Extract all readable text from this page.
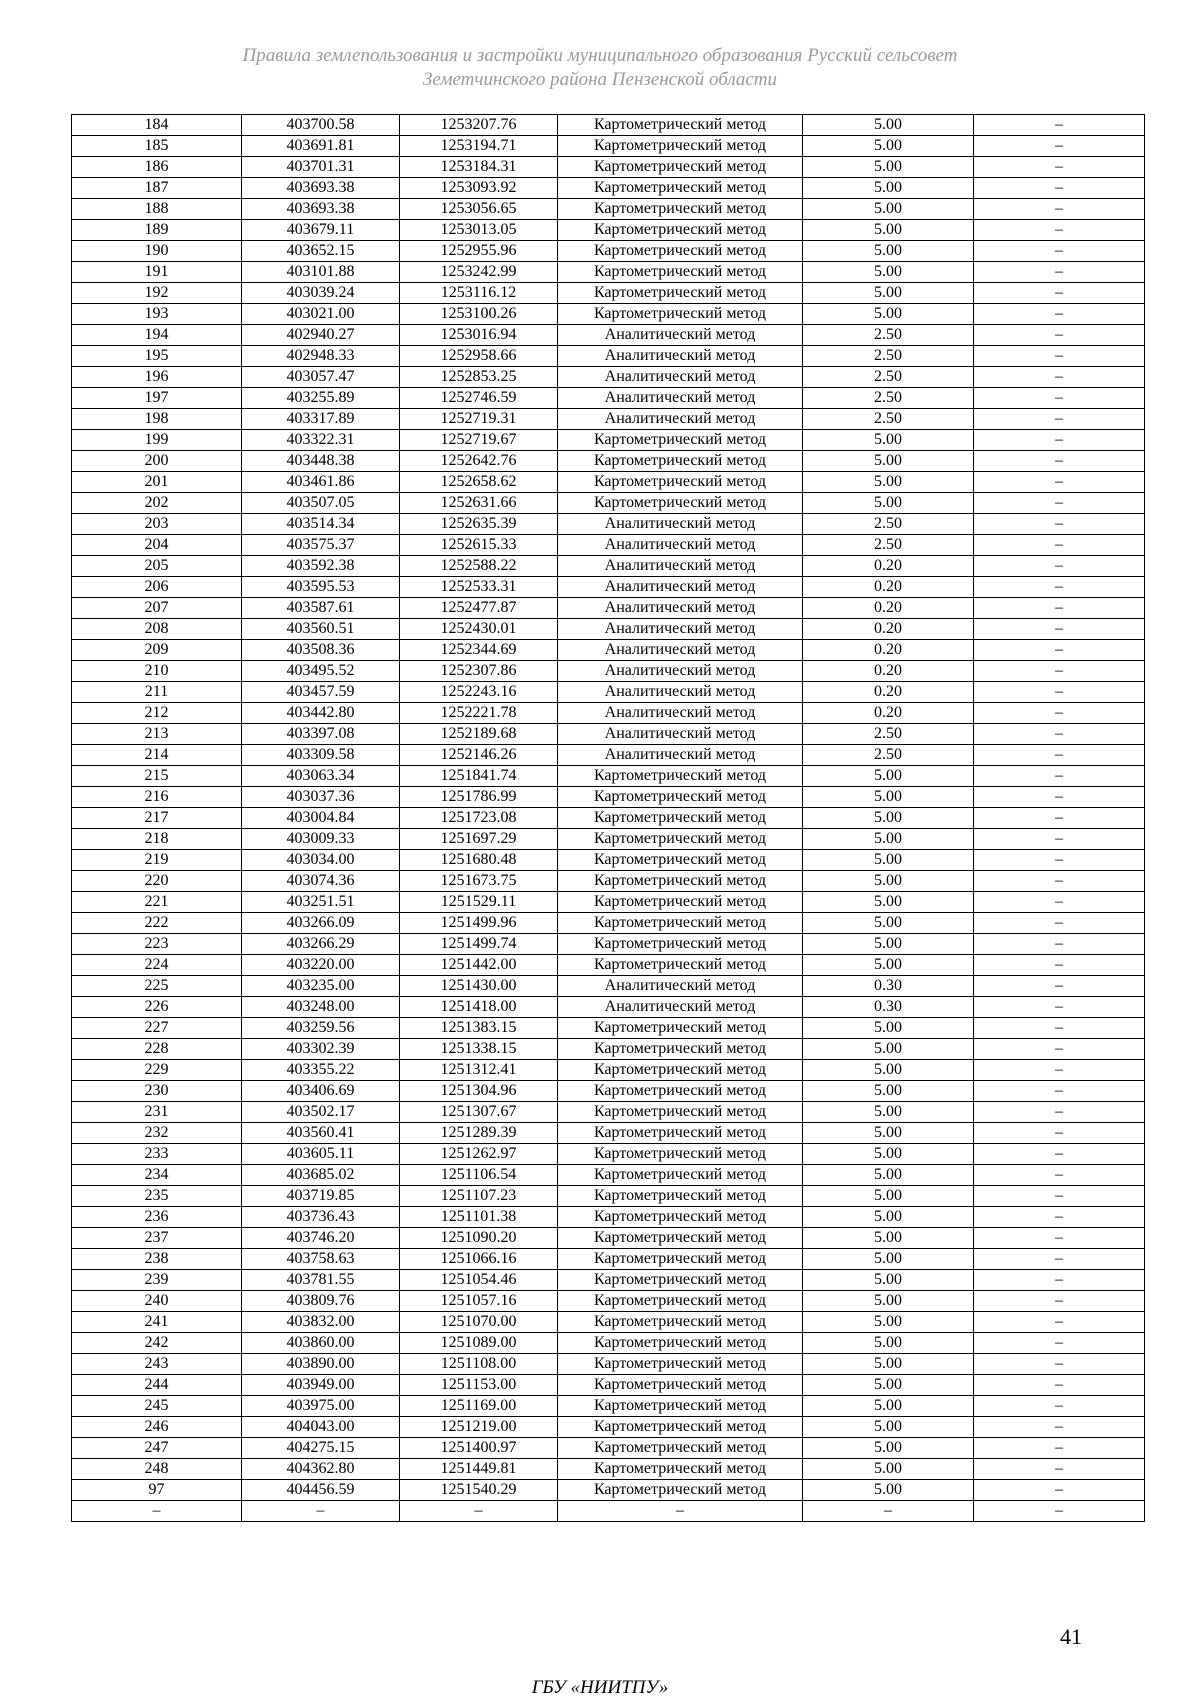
Правила землепользования и застройки муниципального образования Русский сельсовет
Земетчинского района Пензенской области
184	403700.58	1253207.76	Картометрический метод	5.00	–
185	403691.81	1253194.71	Картометрический метод	5.00	–
186	403701.31	1253184.31	Картометрический метод	5.00	–
187	403693.38	1253093.92	Картометрический метод	5.00	–
188	403693.38	1253056.65	Картометрический метод	5.00	–
189	403679.11	1253013.05	Картометрический метод	5.00	–
190	403652.15	1252955.96	Картометрический метод	5.00	–
191	403101.88	1253242.99	Картометрический метод	5.00	–
192	403039.24	1253116.12	Картометрический метод	5.00	–
193	403021.00	1253100.26	Картометрический метод	5.00	–
194	402940.27	1253016.94	Аналитический метод	2.50	–
195	402948.33	1252958.66	Аналитический метод	2.50	–
196	403057.47	1252853.25	Аналитический метод	2.50	–
197	403255.89	1252746.59	Аналитический метод	2.50	–
198	403317.89	1252719.31	Аналитический метод	2.50	–
199	403322.31	1252719.67	Картометрический метод	5.00	–
200	403448.38	1252642.76	Картометрический метод	5.00	–
201	403461.86	1252658.62	Картометрический метод	5.00	–
202	403507.05	1252631.66	Картометрический метод	5.00	–
203	403514.34	1252635.39	Аналитический метод	2.50	–
204	403575.37	1252615.33	Аналитический метод	2.50	–
205	403592.38	1252588.22	Аналитический метод	0.20	–
206	403595.53	1252533.31	Аналитический метод	0.20	–
207	403587.61	1252477.87	Аналитический метод	0.20	–
208	403560.51	1252430.01	Аналитический метод	0.20	–
209	403508.36	1252344.69	Аналитический метод	0.20	–
210	403495.52	1252307.86	Аналитический метод	0.20	–
211	403457.59	1252243.16	Аналитический метод	0.20	–
212	403442.80	1252221.78	Аналитический метод	0.20	–
213	403397.08	1252189.68	Аналитический метод	2.50	–
214	403309.58	1252146.26	Аналитический метод	2.50	–
215	403063.34	1251841.74	Картометрический метод	5.00	–
216	403037.36	1251786.99	Картометрический метод	5.00	–
217	403004.84	1251723.08	Картометрический метод	5.00	–
218	403009.33	1251697.29	Картометрический метод	5.00	–
219	403034.00	1251680.48	Картометрический метод	5.00	–
220	403074.36	1251673.75	Картометрический метод	5.00	–
221	403251.51	1251529.11	Картометрический метод	5.00	–
222	403266.09	1251499.96	Картометрический метод	5.00	–
223	403266.29	1251499.74	Картометрический метод	5.00	–
224	403220.00	1251442.00	Картометрический метод	5.00	–
225	403235.00	1251430.00	Аналитический метод	0.30	–
226	403248.00	1251418.00	Аналитический метод	0.30	–
227	403259.56	1251383.15	Картометрический метод	5.00	–
228	403302.39	1251338.15	Картометрический метод	5.00	–
229	403355.22	1251312.41	Картометрический метод	5.00	–
230	403406.69	1251304.96	Картометрический метод	5.00	–
231	403502.17	1251307.67	Картометрический метод	5.00	–
232	403560.41	1251289.39	Картометрический метод	5.00	–
233	403605.11	1251262.97	Картометрический метод	5.00	–
234	403685.02	1251106.54	Картометрический метод	5.00	–
235	403719.85	1251107.23	Картометрический метод	5.00	–
236	403736.43	1251101.38	Картометрический метод	5.00	–
237	403746.20	1251090.20	Картометрический метод	5.00	–
238	403758.63	1251066.16	Картометрический метод	5.00	–
239	403781.55	1251054.46	Картометрический метод	5.00	–
240	403809.76	1251057.16	Картометрический метод	5.00	–
241	403832.00	1251070.00	Картометрический метод	5.00	–
242	403860.00	1251089.00	Картометрический метод	5.00	–
243	403890.00	1251108.00	Картометрический метод	5.00	–
244	403949.00	1251153.00	Картометрический метод	5.00	–
245	403975.00	1251169.00	Картометрический метод	5.00	–
246	404043.00	1251219.00	Картометрический метод	5.00	–
247	404275.15	1251400.97	Картометрический метод	5.00	–
248	404362.80	1251449.81	Картометрический метод	5.00	–
97	404456.59	1251540.29	Картометрический метод	5.00	–
–	–	–	–	–	–
41
ГБУ «НИИТПУ»
